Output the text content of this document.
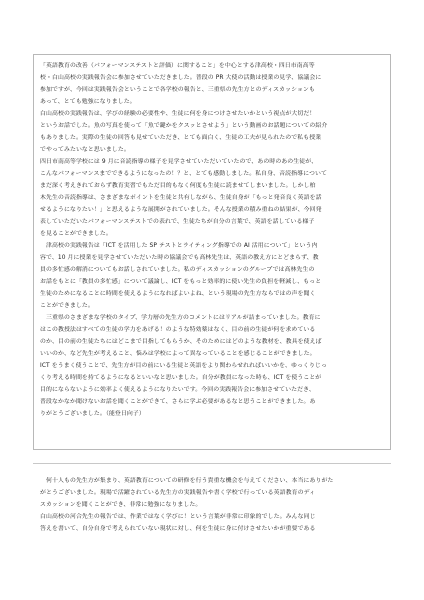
「英語教育の改善（パフォーマンステストと評価）に関すること」を中心とする津高校・四日市南高等
校・白山高校の実践報告会に参加させていただきました。普段の PR 大使の活動は授業の見学、協議会に
参加ですが、今回は実践報告会ということで各学校の報告と、三重県の先生方とのディスカッションも
あって、とても勉強になりました。
白山高校の実践報告は、学びの経験の必要性や、生徒に何を身につけさせたいかという視点が大切だ！
というお話でした。魚の写真を使って「魚で鍵かをクスッとさせよう」という動画のお話題についての紹介
もありました。実際の生徒の回答も見せていただき、とても面白く、生徒の工夫が見られたので私も授業
でやってみたいなと思いました。
四日市南高等学校には 9 月に音読指導の様子を見学させていただいていたので、あの時のあの生徒が、
こんなパフォーマンスまでできるようになったの！？と、とても感動しました。私自身、音読指導について
まだ深く考えきれておらず教育実習でもただ目的もなく何度も生徒に読ませてしまいました。しかし柏
木先生の音読指導は、さまざまなポイントを生徒と共有しながら、生徒自身が「もっと発音良く英語を話
せるようになりたい！」と思えるような展開がされていました。そんな授業の積み重ねの結果が、今回発
表していただいたパフォーマンステストでの表れで、生徒たちが自分の言葉で、英語を話している様子
を見ることができました。
　津高校の実践報告は「ICT を活用した SP テストとライティング指導での AI 活用について」という内
容で、10 月に授業を見学させていただいた時の協議会でも高林先生は、英語の教え方にとどまらず、教
員の多忙感の解消についてもお話しされていました。私のディスカッションのグループでは高林先生の
お話をもとに「教員の多忙感」について議論し、ICT をもっと効率的に使い先生の負担を軽減し、もっと
生徒のためになることに時間を使えるようになればよいよね、という現場の先生方ならではの声を聞く
ことができました。
　三重県のさまざまな学校のタイプ、学力層の先生方のコメントにはリアルが詰まっていました。教育に
はこの教授法はすべての生徒の学力をあげる！のような特効薬はなく、目の前の生徒が何を求めている
のか、目の前の生徒たちにはどこまで目指してもらうか、そのためにはどのような教材を、教具を使えば
いいのか、など先生が考えること、悩みは学校によって異なっていることを感じることができました。
ICT をうまく使うことで、先生方が目の前にいる生徒と英語をより関わらせれればいいかを、ゆっくりじっ
くり考える時間を持てるようになるといいなと思いました。自分が教員になった時も、ICT を使うことが
目的にならないように効率よく使えるようになりたいです。今回の実践報告会に参加させていただき、
普段なかなか聞けないお話を聞くことができて、さらに学ぶ必要があるなと思うことができました。あ
りがとうございました。（能登日向子）
　何十人もの先生方が集まり、英語教育についての研修を行う貴重な機会を与えてください、本当にありがた
がとうございました。現場で活躍されている先生方の実践報告や書く学校で行っている英語教育のディ
スカッションを聞くことができ、非常に勉強になりました。
白山高校の河合先生の報告では、作業ではなく学びに！という言葉が非常に印象的でした。みんな同じ
答えを書いて、自分自身で考えられていない現状に対し、何を生徒に身に付けさせたいかが重要である
